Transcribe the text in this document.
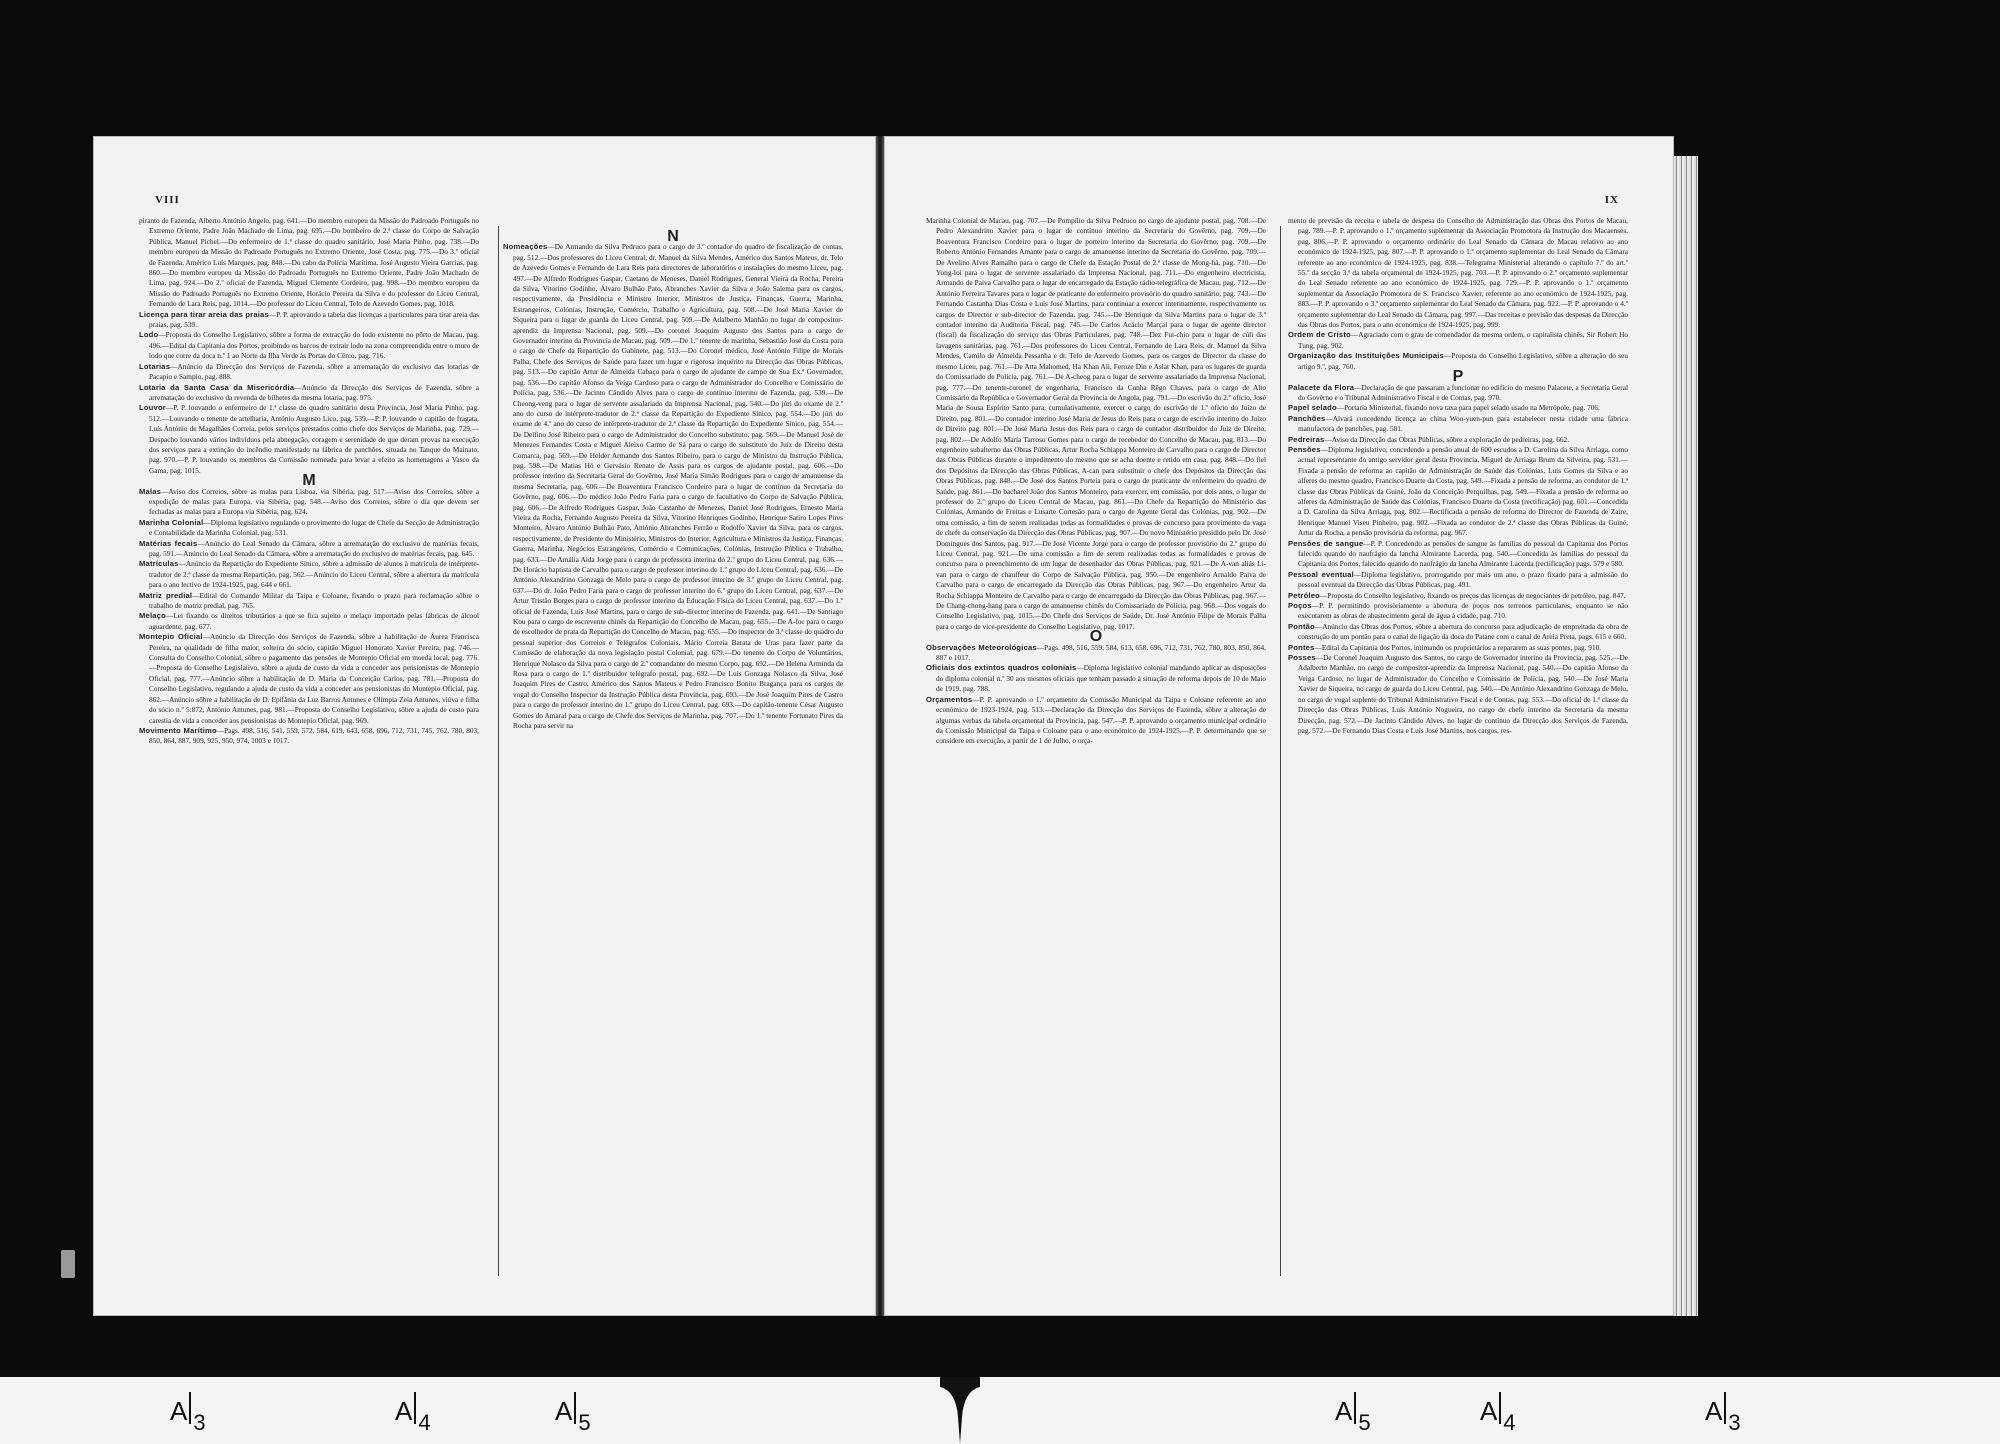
VIII

piranto de Fazenda, Alberto António Angelo, pag. 641.—Do membro europeu da Missão do Padroado Português no Extremo Oriente, Padre João Machado de Lima, pag. 695.—Do bombeiro de 2.ª classe do Corpo de Salvação Pública, Manuel Pichel.—Do enfermeiro de 1.ª classe do quadro sanitário, José Maria Pinho, pag. 738.—Do membro europeu da Missão do Padroado Português no Extremo Oriente, José Costa, pag. 775.—Do 3.º oficial de Fazenda, Américo Luís Marques, pag. 848.—Do cabo da Polícia Marítima, José Augusto Vieira Garcias, pag. 860.—Do membro europeu da Missão do Padroado Português no Extremo Oriente, Padre João Machado de Lima, pag. 924.—Do 2.º oficial de Fazenda, Miguel Clemente Cordeiro, pag. 998.—Do membro europeu da Missão do Padroado Português no Extremo Oriente, Horácio Pereira da Silva e do professor do Liceu Central, Fernando de Lara Reis, pag. 1014.—Do professor do Liceu Central, Telo de Azevedo Gomes, pag. 1018.

Licença para tirar areia das praias—P. P. aprovando a tabela das licenças a particulares para tirar areia das praias, pag. 539.

Lodo—Proposta do Conselho Legislativo, sôbre a forma de extracção do lodo existente no pôrto de Macau, pag. 496.—Edital da Capitania dos Portos, proibindo os barcos de extrair lodo na zona compreendida entre o muro de lodo que corre da doca n.º 1 ao Norte da Ilha Verde às Portas do Cêrco, pag. 716.

Lotarias—Anúncio da Direcção dos Serviços de Fazenda, sôbre a arrematação do exclusivo das lotarias de Pacapio e Sampio, pag. 888.

Lotaria da Santa Casa da Misericórdia—Anúncio da Direcção dos Serviços de Fazenda, sôbre a arrematação do exclusivo da revenda de bilhetes da mesma lotaria, pag. 975.

Louvor—P. P. louvando o enfermeiro de 1.ª classe do quadro sanitário desta Provincia, José Maria Pinho, pag. 512.—Louvando o tenente de artelharia, António Augusto Lico, pag. 539.—P. P. louvando o capitão de fragata, Luís António de Magalhães Correia, pelos serviços prestados como chefe dos Serviços de Marinha, pag. 729.—Despacho louvando vários indivíduos pela abnegação, coragem e serenidade de que deram provas na execução dos serviços para a extinção do incêndio manifestado na fábrica de panchões, situada no Tanque do Mainato, pag. 970.—P. P. louvando os membros da Comissão nomeada para levar a efeito as homenagens a Vasco da Gama, pag. 1015.

M

Malas—Aviso dos Correios, sôbre as malas para Lisboa, via Sibéria, pag. 517.—Aviso dos Correios, sôbre a expedição de malas para Europa, via Sibéria, pag. 548.—Aviso dos Correios, sôbre o dia que devem ser fechadas as malas para a Europa via Sibéria, pag. 624.

Marinha Colonial—Diploma legislativo regulando o provimento do lugar de Chefe da Secção de Administração e Contabilidade da Marinha Colonial, pag. 531.

Matérias fecais—Anúncio do Leal Senado da Câmara, sôbre a arrematação do exclusivo de matérias fecais, pag. 591.—Anúncio do Leal Senado da Câmara, sôbre a arrematação do exclusivo de matérias fecais, pag. 645.

Matrículas—Anúncio da Repartição do Expediente Sínico, sôbre a admissão de alunos à matrícula de intérprete-tradutor de 2.ª classe da mesma Repartição, pag. 562.—Anúncio do Liceu Central, sôbre a abertura da matrícula para o ano lectivo de 1924-1925, pag. 644 e 661.

Matriz predial—Edital do Comando Militar da Taipa e Coloane, fixando o prazo para reclamação sôbre o trabalho de matriz predial, pag. 765.

Melaço—Lei fixando os direitos tributários a que se fica sujeito o melaço importado pelas fábricas de álcool aguardente, pag. 677.

Montepio Oficial—Anúncio da Direcção dos Serviços de Fazenda, sôbre a habilitação de Áurea Francisca Pereira, na qualidade de filha maior, solteira do sócio, capitão Miguel Honorato Xavier Pereira, pag. 746.—Consulta do Conselho Colonial, sôbre o pagamento das pensões de Montepio Oficial em moeda local, pag. 776.—Proposta do Conselho Legislativo, sôbre a ajuda de custo da vida a conceder aos pensionistas de Montepio Oficial, pag. 777.—Anúncio sôbre a habilitação de D. Maria da Conceição Carlos, pag. 781.—Proposta do Conselho Legislativo, regulando a ajuda de custo da vida a conceder aos pensionistas do Montepio Oficial, pag. 862.—Anúncio sôbre a habilitação de D. Epifânia da Luz Barros Antunes e Olímpia Zeia Antunes, viúva e filha do sócio n.º 5:872, António Antunes, pag. 981.—Proposta do Conselho Legislativo, sôbre a ajuda de custo para carestia de vida a conceder aos pensionistas do Montepio Oficial, pag. 969.

Movimento Marítimo—Pags. 498, 516, 541, 559, 572, 584, 619, 643, 658, 696, 712, 731, 745, 762, 780, 803, 850, 864, 887, 909, 925, 950, 974, 1003 e 1017.

N

Nomeações—De Armando da Silva Pedruco para o cargo de 3.º contador do quadro de fiscalização de contas, pag. 512.—Dos professores do Liceu Central, dr. Manuel da Silva Mendes, Américo dos Santos Mateus, dr. Telo de Azevedo Gomes e Fernando de Lara Reis para directores de laboratórios e instalações do mesmo Liceu, pag. 497.—De Alfredo Rodrigues Gaspar, Caetano de Meneses, Daniel Rodrigues, General Vieira da Rocha, Pereira da Silva, Vitorino Godinho, Álvaro Bulhão Pato, Abranches Xavier da Silva e João Salema para os cargos, respectivamente, da Presidência e Ministro Interior, Ministros de Justiça, Finanças, Guerra, Marinha, Estrangeiros, Colónias, Instrução, Comércio, Trabalho e Agricultura, pag. 508.—De José Maria Xavier de Siqueira para o lugar de guarda do Liceu Central, pag. 509.—De Adalberto Manhão no lugar de compositor-aprendiz da Imprensa Nacional, pag. 509.—Do coronel Joaquim Augusto dos Santos para o cargo de Governador interino da Provincia de Macau, pag. 509.—De 1.º tenente de marinha, Sebastião José da Costa para o cargo de Chefe da Repartição do Gabinete, pag. 513.—Do Coronel médico, José António Filipe de Morais Palha, Chefe dos Serviços de Saúde para fazer um lugar e rigorosa inquérito na Direcção das Obras Públicas, pag. 513.—Do capitão Artur de Almeida Cabaço para o cargo de ajudante de campo de Sua Ex.ª Governador, pag. 536.—Do capitão Afonso da Veiga Cardoso para o cargo de Administrador do Concelho e Comissário de Polícia, pag. 536.—De Jacinto Cândido Alves para o cargo de contínuo interino de Fazenda, pag. 539.—De Cheong-veng para o lugar de servente assalariado da Imprensa Nacional, pag. 540.—Do júri do exame de 2.º ano do curso de intérprete-tradutor de 2.ª classe da Repartição do Expediente Sínico, pag. 554.—Do júri do exame de 4.º ano do curso de intérprete-tradutor de 2.ª classe da Repartição do Expediente Sínico, pag. 554.—De Delfino José Ribeiro para o cargo de Administrador do Concelho substituto, pag. 569.—De Manuel José de Menezes Fernandes Costa e Miguel Aleixo Carmo de Sá para o cargo de substituto do Juiz de Direito desta Comarca, pag. 569.—De Helder Armando dos Santos Ribeiro, para o cargo de Ministro da Instrução Pública, pag. 598.—De Matias Hó e Gervásio Renato de Assis para os cargos de ajudante postal, pag. 606.—Do professor interino da Secretaria Geral do Govêrno, José Maria Simão Rodrigues para o cargo de amanuense da mesma Secretaria, pag. 606.—De Boaventura Francisco Cordeiro para o lugar de contínuo da Secretaria do Govêrno, pag. 606.—Do médico João Pedro Faria para o cargo de facultativo do Corpo de Salvação Pública, pag. 606.—De Alfredo Rodrigues Gaspar, João Castanho de Menezes, Daniel José Rodrigues, Ernesto Maria Vieira da Rocha, Fernando Augusto Pereira da Silva, Vitorino Henriques Godinho, Henrique Satiro Lopes Pires Monteiro, Álvaro António Bulhão Pato, António Abranches Ferrão e Rodolfo Xavier da Silva, para os cargos, respectivamente, de Presidente do Ministério, Ministros do Interior, Agricultura e Ministros da Justiça, Finanças, Guerra, Marinha, Negócios Estrangeiros, Comércio e Comunicações, Colónias, Instrução Pública e Trabalho, pag. 633.—De Amália Aida Jorge para o cargo de professora interina do 2.º grupo do Liceu Central, pag. 636.—De Horácio baptista de Carvalho para o cargo de professor interino de 1.º grupo do Liceu Central, pag. 636.—De António Alexandrino Gonzaga de Melo para o cargo de professor interino de 3.º grupo do Liceu Central, pag. 637.—Do dr. João Pedro Faria para o cargo de professor interino do 6.º grupo do Liceu Central, pag. 637.—De Artur Tristão Borges para o cargo de professor interino da Educação Física do Liceu Central, pag. 637.—Do 1.º oficial de Fazenda, Luís José Martins, para o cargo de sub-director interino de Fazenda, pag. 641.—De Santiago Kou para o cargo de escrevente chinês da Repartição do Concelho de Macau, pag. 655.—De A-foc para o cargo de escolhedor de prata da Repartição do Concelho de Macau, pag. 655.—Do inspector de 3.ª classe do quadro do pessoal superior dos Correios e Telégrafos Coloniais, Mário Correia Barata de Uras para fazer parte da Comissão de elaboração da nova legislação postal Colonial, pag. 679.—Do tenente do Corpo de Voluntários, Henrique Nolasco da Silva para o cargo de 2.º comandante do mesmo Corpo, pag. 692.—De Helena Arminda da Rosa para o cargo de 1.º distribuidor telégrafo postal, pag. 692.—De Luís Gonzaga Nolasco da Silva, José Joaquim Pires de Castro, Américo dos Santos Mateus e Pedro Francisco Bonito Bragança para os cargos de vogal do Conselho Inspector da Instrução Pública desta Provincia, pag. 693.—De José Joaquim Pires de Castro para o cargo de professor interino do 1.º grupo do Liceu Central, pag. 693.—Do capitão-tenente César Augusto Gomes do Amaral para o cargo de Chefe dos Serviços de Marinha, pag. 707.—Do 1.º tenente Fortunato Pires da Rocha para servir na

IX

Marinha Colonial de Macau, pag. 707.—De Pompílio da Silva Pedruco no cargo de ajudante postal, pag. 708.—De Pedro Alexandrino Xavier para o lugar de contínuo interino da Secretaria do Govêrno, pag. 709.—De Boaventura Francisco Cordeiro para o lugar de porteiro interino da Secretaria do Govêrno, pag. 709.—De Roberto António Fernandes Amante para o cargo de amanuense interino da Secretaria do Govêrno, pag. 709.—De Avelino Alves Ramalho para o cargo de Chefe da Estação Postal de 2.ª classe de Mong-há, pag. 710.—De Yong-loi para o lugar de servente assalariado da Imprensa Nacional, pag. 711.—Do engenheiro electricista, Armando de Paiva Carvalho para o lugar de encarregado da Estação rádio-telegráfica de Macau, pag. 712.—De António Ferreira Tavares para o lugar de praticante do enfermeiro provisório do quadro sanitário, pag. 743.—De Fernando Castanha Dias Costa e Luís José Martins, para continuar a exercer interinamente, respectivamente os cargos de Director e sub-director de Fazenda, pag. 745.—De Henrique da Silva Martins para o lugar de 3.º contador interino da Auditoria Fiscal, pag. 745.—De Carlos Acácio Marçal para o lugar de agente director (fiscal) da fiscalização do serviço das Obras Particulares, pag. 748.—Dez Fui-chio para o lugar de cúli das lavagens sanitárias, pag. 761.—Dos professores do Liceu Central, Fernando de Lara Reis, dr. Manuel da Silva Mendes, Camilo de Almeida Pessanha e dr. Telo de Azevedo Gomes, para os cargos de Director da classe do mesmo Liceu, pag. 761.—De Atta Mahomed, Ha Khan Ali, Feroze Din e Aslat Khan, para os lugares de guarda do Comissariado de Polícia, pag. 761.—De A-cheog para o lugar de servente assalariado da Imprensa Nacional, pag. 777.—Do tenente-coronel de engenharia, Francisco da Cunha Rêgo Chaves, para o cargo de Alto Comissário da República e Governador Geral da Provincia de Angola, pag. 791.—Do escrivão do 2.º ofício, José Maria de Sousa Espírito Santo para, cumulativamente, exercer o cargo do escrivão de 1.º ofício do Juízo de Direito, pag. 801.—Do contador interino José Maria de Jesus do Reis para o cargo de escrivão interino do Juízo de Direito pag. 801.—De José Maria Jesus dos Reis para o cargo de contador distribuidor do Juiz de Direito, pag. 802.—De Adolfo Maria Tarroso Gomes para o cargo de recebedor do Concelho de Macau, pag. 813.—Do engenheiro subalterno das Obras Públicas, Artur Rocha Schiappa Monteiro de Carvalho para o cargo de Director das Obras Públicas durante o impedimento do mesmo que se acha doente e retido em casa, pag. 848.—Do fiel dos Depósitos da Direcção das Obras Públicas, A-can para substituir o chefe dos Depósitos da Direcção das Obras Públicas, pag. 848.—De José dos Santos Porteia para o cargo de praticante de enfermeiro do quadro de Saúde, pag. 861.—Do bacharel João dos Santos Monteiro, para exercer, em comissão, por dois anos, o lugar de professor do 2.º grupo do Liceu Central de Macau, pag. 861.—Do Chefe da Repartição do Ministério das Colónias, Armando de Freitas e Lusarte Cortesão para o cargo de Agente Geral das Colónias, pag. 902.—De uma comissão, a fim de serem realizadas todas as formalidades e provas de concurso para provimento da vaga de chefe da conservação da Direcção das Obras Públicas, pag. 907.—Do novo Ministério presidido pelo Dr. José Domingues dos Santos, pag. 917.—De José Vicente Jorge para o cargo de professor provisório do 2.º grupo do Liceu Central, pag. 921.—De uma comissão a fim de serem realizadas todas as formalidades e provas de concurso para o preenchimento de um lugar de desenhador das Obras Públicas, pag. 921.—De A-van aliás Li-van para o cargo de chauffeur do Corpo de Salvação Pública, pag. 950.—De engenheiro Arnaldo Paiva de Carvalho para o cargo de encarregado da Direcção das Obras Públicas, pag. 967.—Do engenheiro Artur da Rocha Schiappa Monteiro de Carvalho para o cargo de encarregado da Direcção das Obras Públicas, pag. 967.—De Chang-chong-hang para o cargo de amanuense chinês do Comissariado de Polícia, pag. 968.—Dos vogais do Conselho Legislativo, pag. 1015.—Do Chefe dos Serviços de Saúde, Dr. José António Filipe de Morais Palha para o cargo de vice-presidente do Conselho Legislativo, pag. 1017.

O

Observações Meteorológicas—Pags. 498, 516, 559, 584, 613, 658, 696, 712, 731, 762, 780, 803, 850, 864, 887 e 1017.

Oficiais dos extintos quadros coloniais—Diploma legislativo colonial mandando aplicar as disposições do diploma colonial n.º 30 aos mesmos oficiais que tenham passado à situação de reforma depois de 10 de Maio de 1919, pag. 788.

Orçamentos—P. P. aprovando o 1.º orçamento da Comissão Municipal da Taipa e Coloane referente ao ano económico de 1923-1924, pag. 513.—Declaração da Direcção dos Serviços de Fazenda, sôbre a alteração de algumas verbas da tabela orçamental da Provincia, pag. 547.—P. P. aprovando o orçamento municipal ordinário da Comissão Municipal da Taipa e Coloane para o ano económico de 1924-1925.—P. P. determinando que se considere em execução, a partir de 1 de Julho, o orça-

mento de previsão da receita e tabela de despesa do Conselho de Administração das Obras dos Portos de Macau, pag. 789.—P. P. aprovando o 1.º orçamento suplementar da Associação Promotora da Instrução dos Macaenses, pag. 806.—P. P. aprovando o orçamento ordinário do Leal Senado da Câmara de Macau relativo ao ano económico de 1924-1925, pag. 807.—P. P. aprovando o 1.º orçamento suplementar do Leal Senado da Câmara referente ao ano económico de 1924-1925, pag. 838.—Telegrama Ministerial alterando o capítulo 7.º do art.º 55.º da secção 3.ª da tabela orçamental de 1924-1925, pag. 703.—P. P. aprovando o 2.º orçamento suplementar do Leal Senado referente ao ano económico de 1924-1925, pag. 729.—P. P. aprovando o 1.º orçamento suplementar da Associação Promotora de S. Francisco Xavier, referente ao ano económico de 1924-1925, pag. 883.—P. P. aprovando o 3.º orçamento suplementar do Leal Senado da Câmara, pag. 922.—P. P. aprovando o 4.º orçamento suplementar do Leal Senado da Câmara, pag. 997.—Das receitas e previsão das despesas da Direcção das Obras dos Portos, para o ano económico de 1924-1925, pag. 999.

Ordem de Cristo—Agraciado com o grau de comendador da mesma ordem, o capitalista chinês, Sir Robert Ho Tung, pag. 902.

Organização das Instituições Municipais—Proposta do Conselho Legislativo, sôbre a alteração do seu artigo 9.º, pag. 760.

P

Palacete da Flora—Declaração de que passaram a funcionar no edifício do mesmo Palacete, a Secretaria Geral do Govêrno e o Tribunal Administrativo Fiscal e de Contas, pag. 970.

Papel selado—Portaria Ministerial, fixando nova taxa para papel selado usado na Metrópole, pag. 706.

Panchões—Alvará concedendo licença ao china Woo-yuen-pun para estabelecer nesta cidade uma fábrica manufactora de panchões, pag. 581.

Pedreiras—Aviso da Direcção das Obras Públicas, sôbre a exploração de pedreiras, pag. 662.

Pensões—Diploma legislativo, concedendo a pensão anual de 600 escudos a D. Carolina da Silva Arriaga, como actual representante do antigo servidor geral desta Provincia, Miguel de Arriaga Brum da Silveira, pag. 531.—Fixada a pensão de reforma ao capitão de Administração de Saúde das Colónias, Luís Gomes da Silva e ao alferes do mesmo quadro, Francisco Duarte da Costa, pag. 549.—Fixada a pensão de reforma, ao condutor de 1.ª classe das Obras Públicas da Guiné, João da Conceição Perquilhas, pag. 549.—Fixada a pensão de reforma ao alferes da Administração de Saúde das Colónias, Francisco Duarte da Costa (rectificação) pag. 601.—Concedida a D. Carolina da Silva Arriaga, pag. 802.—Rectificada a pensão de reforma do Director de Fazenda de Zaire, Henrique Manuel Viseu Pinheiro, pag. 902.—Fixada ao condutor de 2.ª classe das Obras Públicas da Guiné, Artur da Rocha, a pensão provisória da reforma, pag. 967.

Pensões de sangue—P. P. Concedendo as pensões de sangue às famílias do pessoal da Capitania dos Portos falecido quando do naufrágio da lancha Almirante Lacerda, pag. 540.—Concedida às famílias do pessoal da Capitania dos Portos, falecido quando do naufrágio da lancha Almirante Lacerda (rectificação) pags. 579 e 580.

Pessoal eventual—Diploma legislativo, prorrogando por mais um ano, o prazo fixado para a admissão do pessoal eventual da Direcção das Obras Públicas, pag. 491.

Petróleo—Proposta do Conselho legislativo, fixando os preços das licenças de negociantes de petróleo, pag. 847.

Poços—P. P. permitindo provisòriamente a abertura de poços nos terrenos particulares, enquanto se não executarem as obras de abastecimento geral de água à cidade, pag. 710.

Pontão—Anúncio das Obras dos Portos, sôbre a abertura do concurso para adjudicação de empreitada da obra de construção de um pontão para o canal de ligação da doca do Patane com o canal de Areia Preta, pags. 615 e 660.

Pontes—Edital da Capitania dos Portos, intimando os proprietários a repararem as suas pontes, pag. 910.

Posses—De Coronel Joaquim Augusto dos Santos, no cargo de Governador interino da Provincia, pag. 525.—De Adalberto Manhão, no cargo de compositor-aprendiz da Imprensa Nacional, pag. 540.—Do capitão Afonso da Veiga Cardoso, no lugar de Administrador do Concelho e Comissário de Polícia, pag. 540.—De José Maria Xavier de Siqueira, no cargo de guarda do Liceu Central, pag. 540.—De António Alexandrino Gonzaga de Melo, no cargo de vogal suplente do Tribunal Administrativo Fiscal e de Contas, pag. 553.—Do oficial de 1.ª classe da Direcção das Obras Públicas, Luís António Nogueira, no cargo de chefe interino da Secretaria da mesma Direcção, pag. 572.—De Jacinto Cândido Alves, no lugar de contínuo da Direcção dos Serviços de Fazenda, pag. 572.—De Fernando Dias Costa e Luís José Martins, nos cargos, res-

A $_3$	A $_4$	A $_5$	A $_5$	A $_4$	A $_3$
